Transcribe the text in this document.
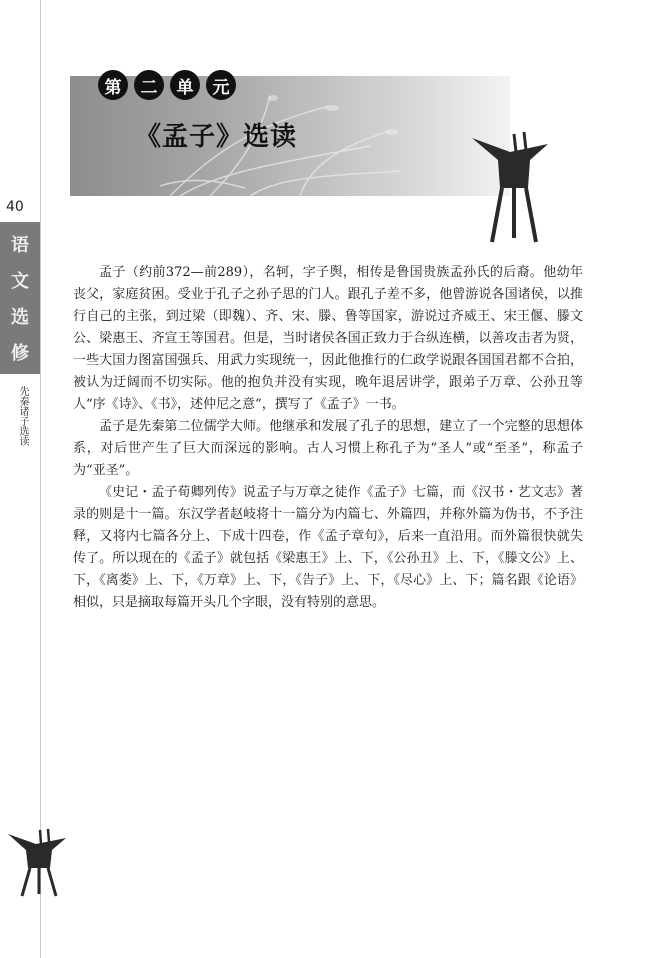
第	二	单	元
《孟子》选读
40
语
文
选
修
先秦诸子选读

孟子（约前372—前289），名轲，字子舆，相传是鲁国贵族孟孙氏的后裔。他幼年丧父，家庭贫困。受业于孔子之孙子思的门人。跟孔子差不多，他曾游说各国诸侯，以推行自己的主张，到过梁（即魏）、齐、宋、滕、鲁等国家，游说过齐威王、宋王偃、滕文公、梁惠王、齐宣王等国君。但是，当时诸侯各国正致力于合纵连横，以善攻击者为贤，一些大国力图富国强兵、用武力实现统一，因此他推行的仁政学说跟各国国君都不合拍，被认为迂阔而不切实际。他的抱负并没有实现，晚年退居讲学，跟弟子万章、公孙丑等人“序《诗》、《书》，述仲尼之意”，撰写了《孟子》一书。

孟子是先秦第二位儒学大师。他继承和发展了孔子的思想，建立了一个完整的思想体系，对后世产生了巨大而深远的影响。古人习惯上称孔子为“圣人”或“至圣”，称孟子为“亚圣”。

《史记・孟子荀卿列传》说孟子与万章之徒作《孟子》七篇，而《汉书・艺文志》著录的则是十一篇。东汉学者赵岐将十一篇分为内篇七、外篇四，并称外篇为伪书，不予注释，又将内七篇各分上、下成十四卷，作《孟子章句》，后来一直沿用。而外篇很快就失传了。所以现在的《孟子》就包括《梁惠王》上、下，《公孙丑》上、下，《滕文公》上、下，《离娄》上、下，《万章》上、下，《告子》上、下，《尽心》上、下；篇名跟《论语》相似，只是摘取每篇开头几个字眼，没有特别的意思。
